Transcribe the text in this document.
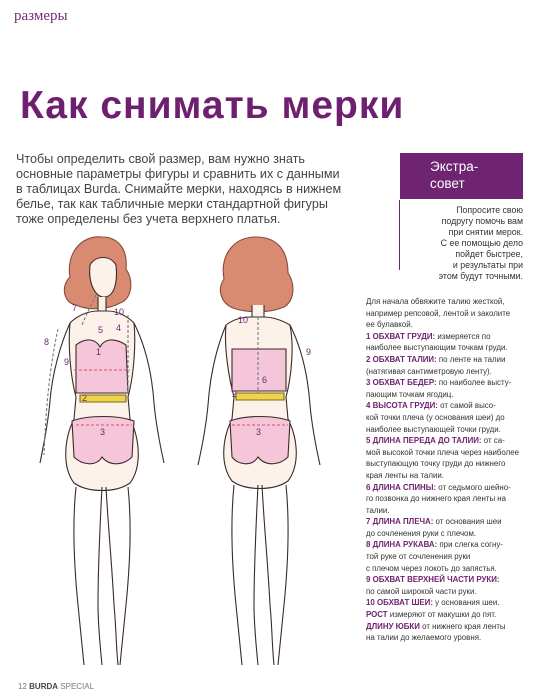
размеры
Как снимать мерки
Чтобы определить свой размер, вам нужно знать
основные параметры фигуры и сравнить их с данными
в таблицах Burda. Снимайте мерки, находясь в нижнем
белье, так как табличные мерки стандартной фигуры
тоже определены без учета верхнего платья.
Экстра-
совет
Попросите свою
подругу помочь вам
при снятии мерок.
С ее помощью дело
пойдет быстрее,
и результаты при
этом будут точными.
Для начала обвяжите талию жесткой,
например репсовой, лентой и заколите
ее булавкой.

1 ОБХВАТ ГРУДИ: измеряется по
наиболее выступающим точкам груди.

2 ОБХВАТ ТАЛИИ: по ленте на талии
(натягивая сантиметровую ленту).

3 ОБХВАТ БЕДЕР: по наиболее высту-
пающим точкам ягодиц.

4 ВЫСОТА ГРУДИ: от самой высо-
кой точки плеча (у основания шеи) до
наиболее выступающей точки груди.

5 ДЛИНА ПЕРЕДА ДО ТАЛИИ: от са-
мой высокой точки плеча через наиболее
выступающую точку груди до нижнего
края ленты на талии.

6 ДЛИНА СПИНЫ: от седьмого шейно-
го позвонка до нижнего края ленты на
талии.

7 ДЛИНА ПЛЕЧА: от основания шеи
до сочленения руки с плечом.

8 ДЛИНА РУКАВА: при слегка согну-
той руке от сочленения руки
с плечом через локоть до запястья.

9 ОБХВАТ ВЕРХНЕЙ ЧАСТИ РУКИ:
по самой широкой части руки.

10 ОБХВАТ ШЕИ: у основания шеи.

РОСТ измеряют от макушки до пят.

ДЛИНУ ЮБКИ от нижнего края ленты
на талии до желаемого уровня.

5 4
1
2
3
7
8
9
10
10
6
2
3
9
12 BURDA SPECIAL
